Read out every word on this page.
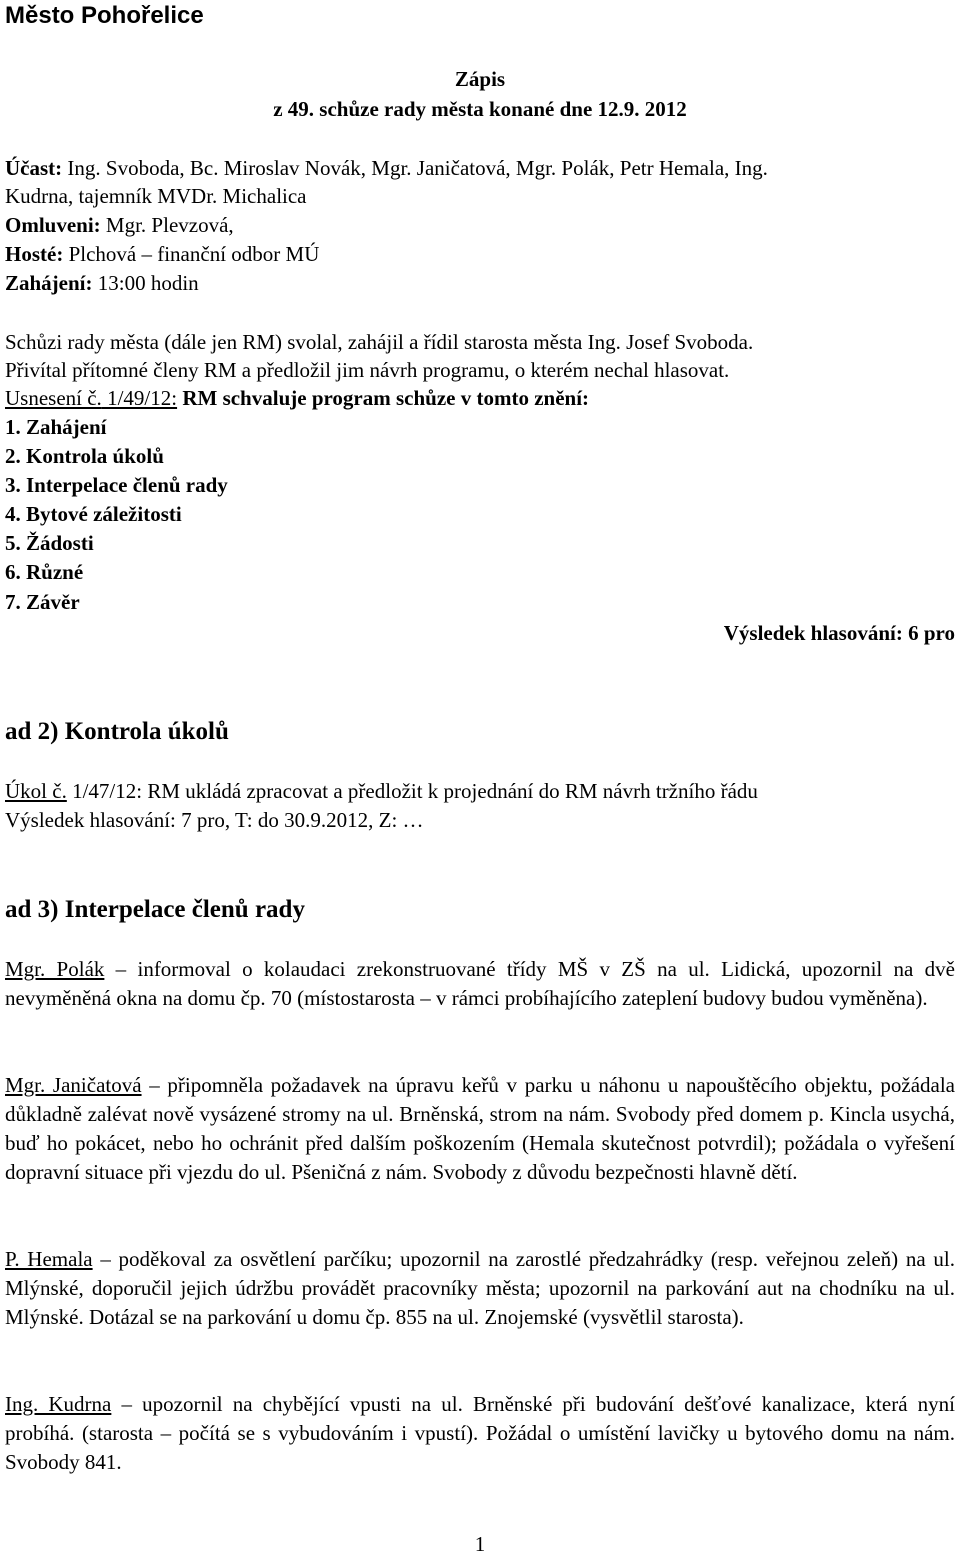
Město Pohořelice
Zápis
z 49. schůze rady města konané dne 12.9. 2012
Účast: Ing. Svoboda, Bc. Miroslav Novák, Mgr. Janičatová, Mgr. Polák, Petr Hemala, Ing.
Kudrna, tajemník MVDr. Michalica
Omluveni: Mgr. Plevzová,
Hosté: Plchová – finanční odbor MÚ
Zahájení: 13:00 hodin
Schůzi rady města (dále jen RM) svolal, zahájil a řídil starosta města Ing. Josef Svoboda.
Přivítal přítomné členy RM a předložil jim návrh programu, o kterém nechal hlasovat.
Usnesení č. 1/49/12: RM schvaluje program schůze v tomto znění:
1. Zahájení
2. Kontrola úkolů
3. Interpelace členů rady
4. Bytové záležitosti
5. Žádosti
6. Různé
7. Závěr
Výsledek hlasování: 6 pro
ad 2) Kontrola úkolů
Úkol č. 1/47/12: RM ukládá zpracovat a předložit k projednání do RM návrh tržního řádu
Výsledek hlasování: 7 pro, T: do 30.9.2012, Z: …
ad 3) Interpelace členů rady

Mgr. Polák – informoval o kolaudaci zrekonstruované třídy MŠ v ZŠ na ul. Lidická, upozornil na dvě nevyměněná okna na domu čp. 70 (místostarosta – v rámci probíhajícího zateplení budovy budou vyměněna).

Mgr. Janičatová – připomněla požadavek na úpravu keřů v parku u náhonu u napouštěcího objektu, požádala důkladně zalévat nově vysázené stromy na ul. Brněnská, strom na nám. Svobody před domem p. Kincla usychá, buď ho pokácet, nebo ho ochránit před dalším poškozením (Hemala skutečnost potvrdil); požádala o vyřešení dopravní situace při vjezdu do ul. Pšeničná z nám. Svobody z důvodu bezpečnosti hlavně dětí.

P. Hemala – poděkoval za osvětlení parčíku; upozornil na zarostlé předzahrádky (resp. veřejnou zeleň) na ul. Mlýnské, doporučil jejich údržbu provádět pracovníky města; upozornil na parkování aut na chodníku na ul. Mlýnské. Dotázal se na parkování u domu čp. 855 na ul. Znojemské (vysvětlil starosta).

Ing. Kudrna – upozornil na chybějící vpusti na ul. Brněnské při budování dešťové kanalizace, která nyní probíhá. (starosta – počítá se s vybudováním i vpustí). Požádal o umístění lavičky u bytového domu na nám. Svobody 841.

1
